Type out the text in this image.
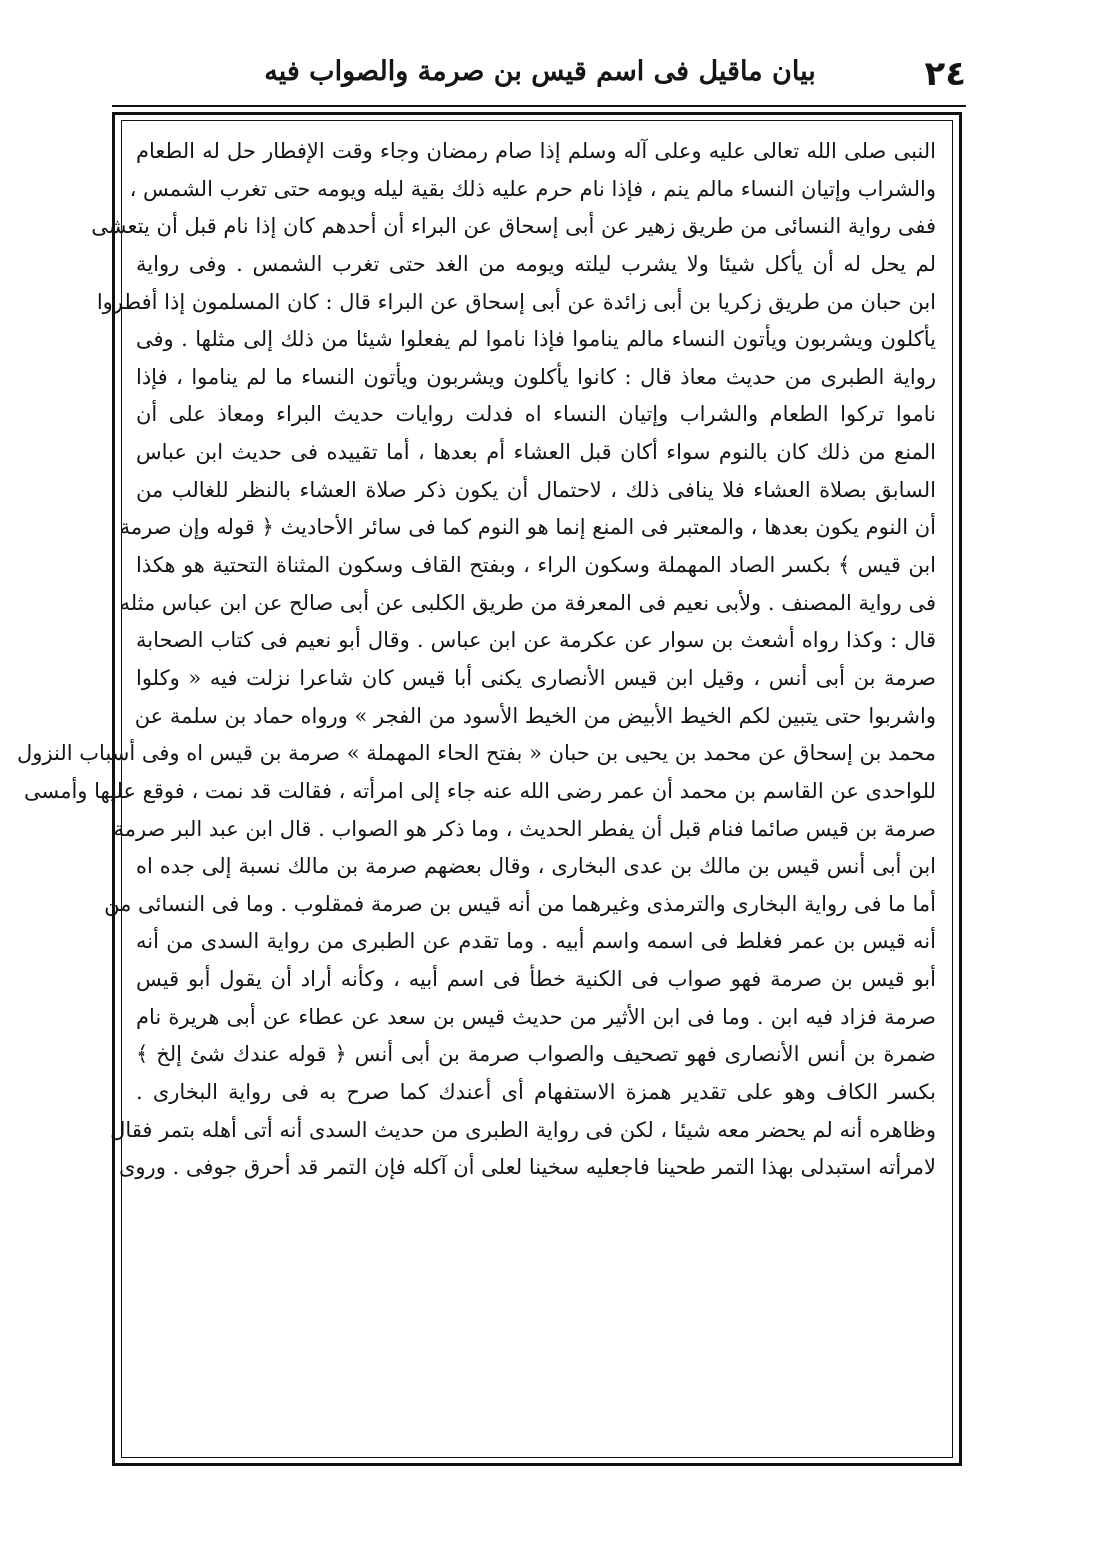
٢٤
بيان ماقيل فى اسم قيس بن صرمة والصواب فيه
النبى صلى الله تعالى عليه وعلى آله وسلم إذا صام رمضان وجاء وقت الإفطار حل له الطعام
والشراب وإتيان النساء مالم ينم ، فإذا نام حرم عليه ذلك بقية ليله ويومه حتى تغرب الشمس ،
ففى رواية النسائى من طريق زهير عن أبى إسحاق عن البراء أن أحدهم كان إذا نام قبل أن يتعشى
لم يحل له أن يأكل شيئا ولا يشرب ليلته ويومه من الغد حتى تغرب الشمس . وفى رواية
ابن حبان من طريق زكريا بن أبى زائدة عن أبى إسحاق عن البراء قال : كان المسلمون إذا أفطروا
يأكلون ويشربون ويأتون النساء مالم يناموا فإذا ناموا لم يفعلوا شيئا من ذلك إلى مثلها . وفى
رواية الطبرى من حديث معاذ قال : كانوا يأكلون ويشربون ويأتون النساء ما لم يناموا ، فإذا
ناموا تركوا الطعام والشراب وإتيان النساء اه فدلت روايات حديث البراء ومعاذ على أن
المنع من ذلك كان بالنوم سواء أكان قبل العشاء أم بعدها ، أما تقييده فى حديث ابن عباس
السابق بصلاة العشاء فلا ينافى ذلك ، لاحتمال أن يكون ذكر صلاة العشاء بالنظر للغالب من
أن النوم يكون بعدها ، والمعتبر فى المنع إنما هو النوم كما فى سائر الأحاديث ﴿ قوله وإن صرمة
ابن قيس ﴾ بكسر الصاد المهملة وسكون الراء ، وبفتح القاف وسكون المثناة التحتية هو هكذا
فى رواية المصنف . ولأبى نعيم فى المعرفة من طريق الكلبى عن أبى صالح عن ابن عباس مثله
قال : وكذا رواه أشعث بن سوار عن عكرمة عن ابن عباس . وقال أبو نعيم فى كتاب الصحابة
صرمة بن أبى أنس ، وقيل ابن قيس الأنصارى يكنى أبا قيس كان شاعرا نزلت فيه « وكلوا
واشربوا حتى يتبين لكم الخيط الأبيض من الخيط الأسود من الفجر » ورواه حماد بن سلمة عن
محمد بن إسحاق عن محمد بن يحيى بن حبان « بفتح الحاء المهملة » صرمة بن قيس اه وفى أسباب النزول
للواحدى عن القاسم بن محمد أن عمر رضى الله عنه جاء إلى امرأته ، فقالت قد نمت ، فوقع عليها وأمسى
صرمة بن قيس صائما فنام قبل أن يفطر الحديث ، وما ذكر هو الصواب . قال ابن عبد البر صرمة
ابن أبى أنس قيس بن مالك بن عدى البخارى ، وقال بعضهم صرمة بن مالك نسبة إلى جده اه
أما ما فى رواية البخارى والترمذى وغيرهما من أنه قيس بن صرمة فمقلوب . وما فى النسائى من
أنه قيس بن عمر فغلط فى اسمه واسم أبيه . وما تقدم عن الطبرى من رواية السدى من أنه
أبو قيس بن صرمة فهو صواب فى الكنية خطأ فى اسم أبيه ، وكأنه أراد أن يقول أبو قيس
صرمة فزاد فيه ابن . وما فى ابن الأثير من حديث قيس بن سعد عن عطاء عن أبى هريرة نام
ضمرة بن أنس الأنصارى فهو تصحيف والصواب صرمة بن أبى أنس ﴿ قوله عندك شئ إلخ ﴾
بكسر الكاف وهو على تقدير همزة الاستفهام أى أعندك كما صرح به فى رواية البخارى .
وظاهره أنه لم يحضر معه شيئا ، لكن فى رواية الطبرى من حديث السدى أنه أتى أهله بتمر فقال
لامرأته استبدلى بهذا التمر طحينا فاجعليه سخينا لعلى أن آكله فإن التمر قد أحرق جوفى . وروى
